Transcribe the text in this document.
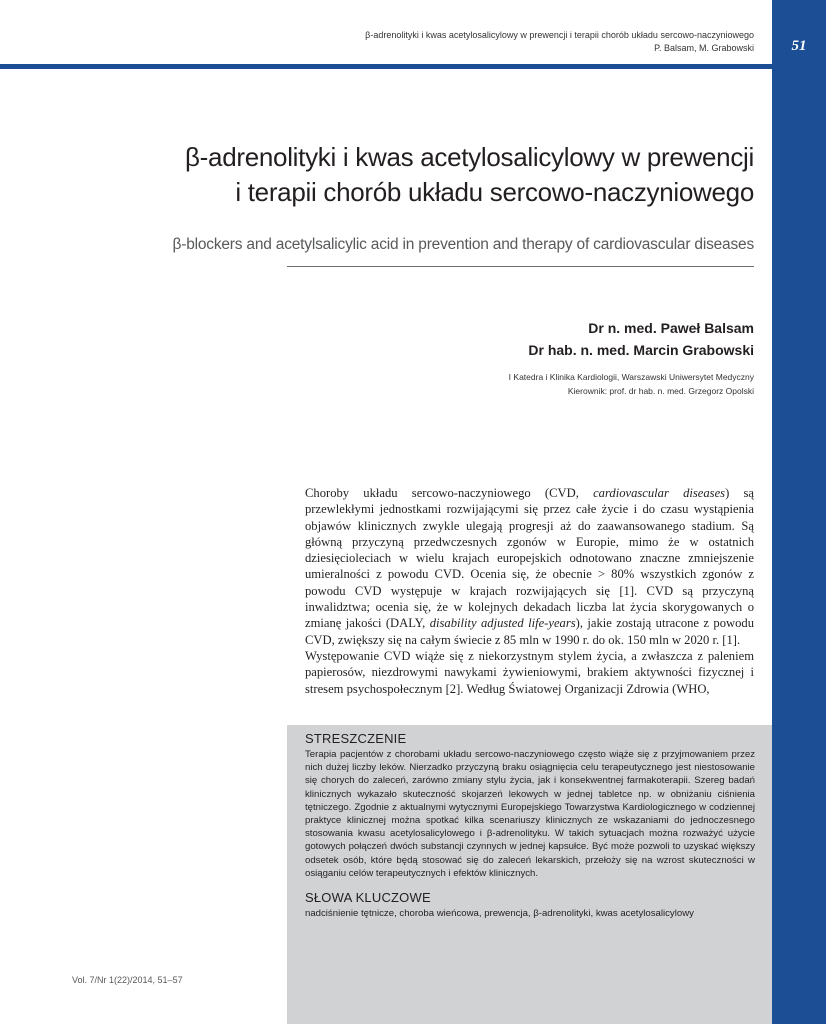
51
β-adrenolityki i kwas acetylosalicylowy w prewencji i terapii chorób układu sercowo-naczyniowego
P. Balsam, M. Grabowski
β-adrenolityki i kwas acetylosalicylowy w prewencji
i terapii chorób układu sercowo-naczyniowego
β-blockers and acetylsalicylic acid in prevention and therapy of cardiovascular diseases
Dr n. med. Paweł Balsam
Dr hab. n. med. Marcin Grabowski
I Katedra i Klinika Kardiologii, Warszawski Uniwersytet Medyczny
Kierownik: prof. dr hab. n. med. Grzegorz Opolski

Choroby układu sercowo-naczyniowego (CVD, cardiovascular diseases) są przewlekłymi jednostkami rozwijającymi się przez całe życie i do czasu wystąpienia objawów klinicznych zwykle ulegają progresji aż do zaawansowanego stadium. Są główną przyczyną przedwczesnych zgonów w Europie, mimo że w ostatnich dziesięcioleciach w wielu krajach europejskich odnotowano znaczne zmniejszenie umieralności z powodu CVD. Ocenia się, że obecnie > 80% wszystkich zgonów z powodu CVD występuje w krajach rozwijających się [1]. CVD są przyczyną inwalidztwa; ocenia się, że w kolejnych dekadach liczba lat życia skorygowanych o zmianę jakości (DALY, disability adjusted life-years), jakie zostają utracone z powodu CVD, zwiększy się na całym świecie z 85 mln w 1990 r. do ok. 150 mln w 2020 r. [1].

Występowanie CVD wiąże się z niekorzystnym stylem życia, a zwłaszcza z paleniem papierosów, niezdrowymi nawykami żywieniowymi, brakiem aktywności fizycznej i stresem psychospołecznym [2]. Według Światowej Organizacji Zdrowia (WHO,

STRESZCZENIE

Terapia pacjentów z chorobami układu sercowo-naczyniowego często wiąże się z przyjmowaniem przez nich dużej liczby leków. Nierzadko przyczyną braku osiągnięcia celu terapeutycznego jest niestosowanie się chorych do zaleceń, zarówno zmiany stylu życia, jak i konsekwentnej farmakoterapii. Szereg badań klinicznych wykazało skuteczność skojarzeń lekowych w jednej tabletce np. w obniżaniu ciśnienia tętniczego. Zgodnie z aktualnymi wytycznymi Europejskiego Towarzystwa Kardiologicznego w codziennej praktyce klinicznej można spotkać kilka scenariuszy klinicznych ze wskazaniami do jednoczesnego stosowania kwasu acetylosalicylowego i β-adrenolityku. W takich sytuacjach można rozważyć użycie gotowych połączeń dwóch substancji czynnych w jednej kapsułce. Być może pozwoli to uzyskać większy odsetek osób, które będą stosować się do zaleceń lekarskich, przełoży się na wzrost skuteczności w osiąganiu celów terapeutycznych i efektów klinicznych.

SŁOWA KLUCZOWE

nadciśnienie tętnicze, choroba wieńcowa, prewencja, β-adrenolityki, kwas acetylosalicylowy

Vol. 7/Nr 1(22)/2014, 51–57
